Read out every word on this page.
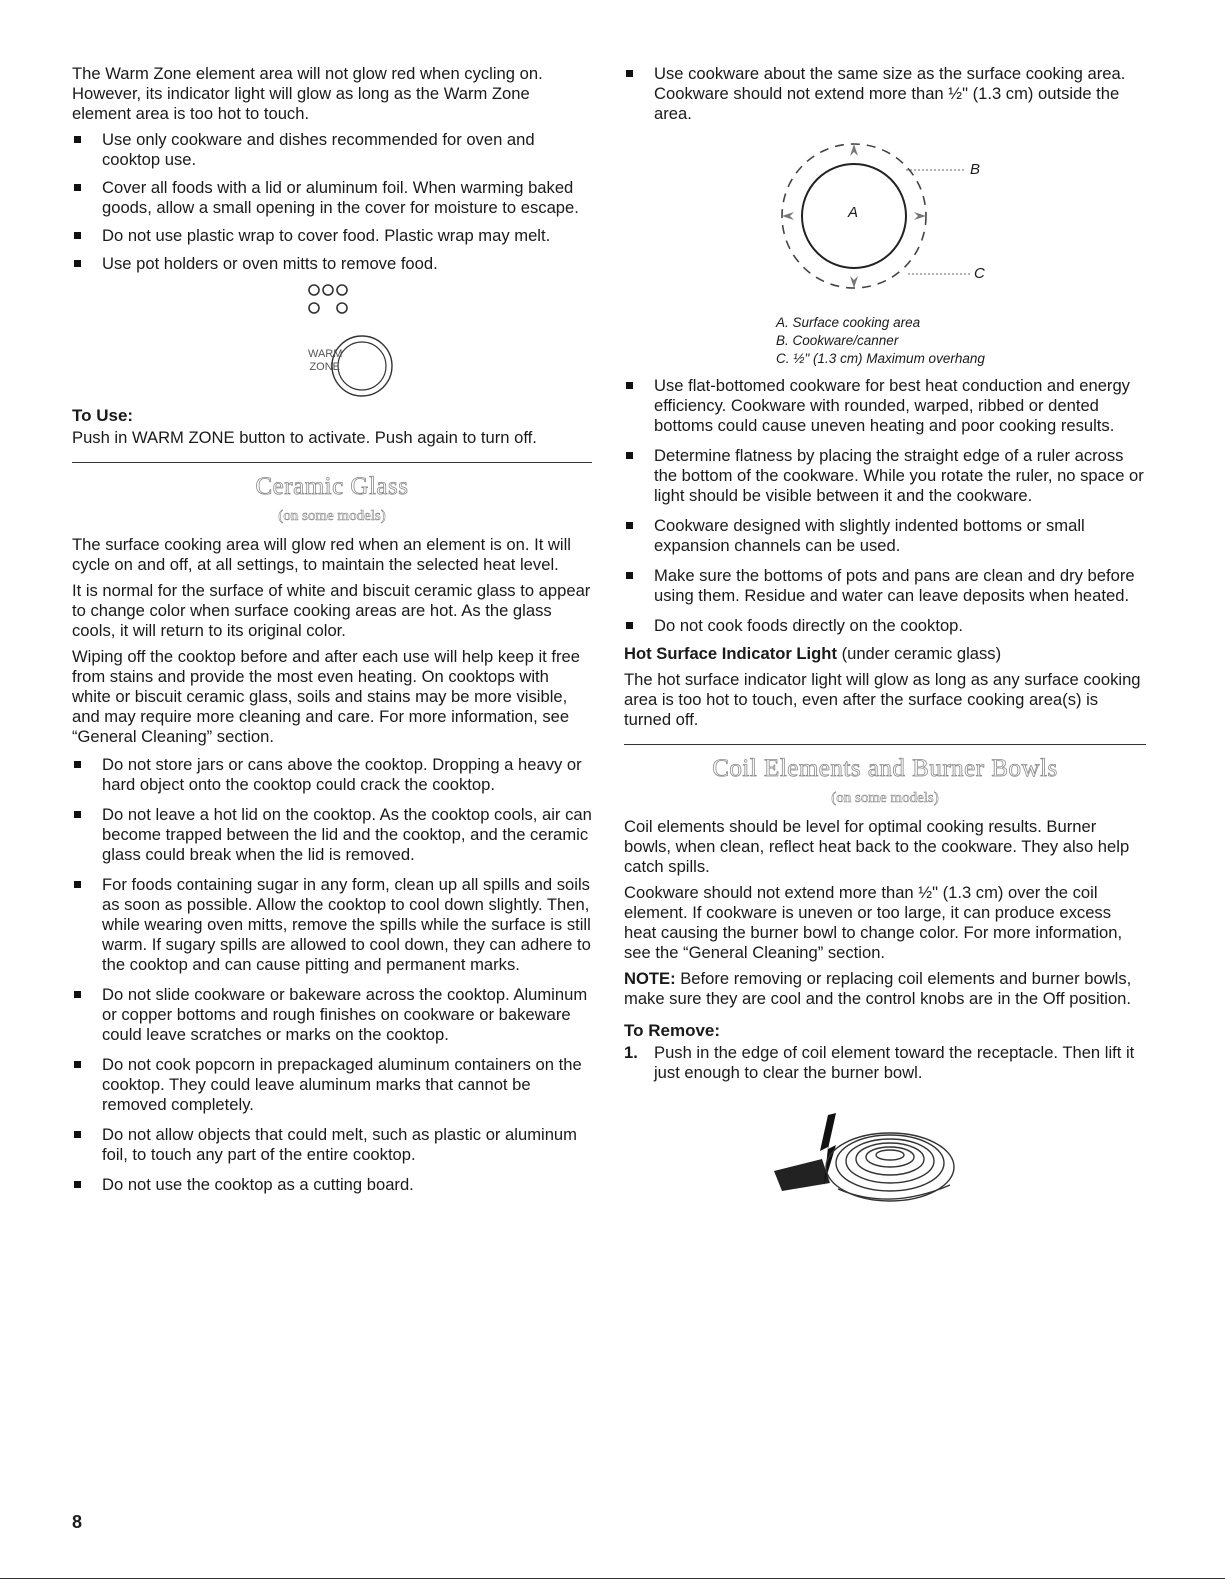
The Warm Zone element area will not glow red when cycling on. However, its indicator light will glow as long as the Warm Zone element area is too hot to touch.

Use only cookware and dishes recommended for oven and cooktop use.
Cover all foods with a lid or aluminum foil. When warming baked goods, allow a small opening in the cover for moisture to escape.
Do not use plastic wrap to cover food. Plastic wrap may melt.
Use pot holders or oven mitts to remove food.
WARM
ZONE
To Use:

Push in WARM ZONE button to activate. Push again to turn off.

Ceramic Glass
(on some models)

The surface cooking area will glow red when an element is on. It will cycle on and off, at all settings, to maintain the selected heat level.

It is normal for the surface of white and biscuit ceramic glass to appear to change color when surface cooking areas are hot. As the glass cools, it will return to its original color.

Wiping off the cooktop before and after each use will help keep it free from stains and provide the most even heating. On cooktops with white or biscuit ceramic glass, soils and stains may be more visible, and may require more cleaning and care. For more information, see “General Cleaning” section.

Do not store jars or cans above the cooktop. Dropping a heavy or hard object onto the cooktop could crack the cooktop.
Do not leave a hot lid on the cooktop. As the cooktop cools, air can become trapped between the lid and the cooktop, and the ceramic glass could break when the lid is removed.
For foods containing sugar in any form, clean up all spills and soils as soon as possible. Allow the cooktop to cool down slightly. Then, while wearing oven mitts, remove the spills while the surface is still warm. If sugary spills are allowed to cool down, they can adhere to the cooktop and can cause pitting and permanent marks.
Do not slide cookware or bakeware across the cooktop. Aluminum or copper bottoms and rough finishes on cookware or bakeware could leave scratches or marks on the cooktop.
Do not cook popcorn in prepackaged aluminum containers on the cooktop. They could leave aluminum marks that cannot be removed completely.
Do not allow objects that could melt, such as plastic or aluminum foil, to touch any part of the entire cooktop.
Do not use the cooktop as a cutting board.
Use cookware about the same size as the surface cooking area. Cookware should not extend more than ½" (1.3 cm) outside the area.
A
B
C
A. Surface cooking area
B. Cookware/canner
C. ½" (1.3 cm) Maximum overhang
Use flat-bottomed cookware for best heat conduction and energy efficiency. Cookware with rounded, warped, ribbed or dented bottoms could cause uneven heating and poor cooking results.
Determine flatness by placing the straight edge of a ruler across the bottom of the cookware. While you rotate the ruler, no space or light should be visible between it and the cookware.
Cookware designed with slightly indented bottoms or small expansion channels can be used.
Make sure the bottoms of pots and pans are clean and dry before using them. Residue and water can leave deposits when heated.
Do not cook foods directly on the cooktop.

Hot Surface Indicator Light (under ceramic glass)

The hot surface indicator light will glow as long as any surface cooking area is too hot to touch, even after the surface cooking area(s) is turned off.

Coil Elements and Burner Bowls
(on some models)

Coil elements should be level for optimal cooking results. Burner bowls, when clean, reflect heat back to the cookware. They also help catch spills.

Cookware should not extend more than ½" (1.3 cm) over the coil element. If cookware is uneven or too large, it can produce excess heat causing the burner bowl to change color. For more information, see the “General Cleaning” section.

NOTE: Before removing or replacing coil elements and burner bowls, make sure they are cool and the control knobs are in the Off position.

To Remove:
1. Push in the edge of coil element toward the receptacle. Then lift it just enough to clear the burner bowl.
8
